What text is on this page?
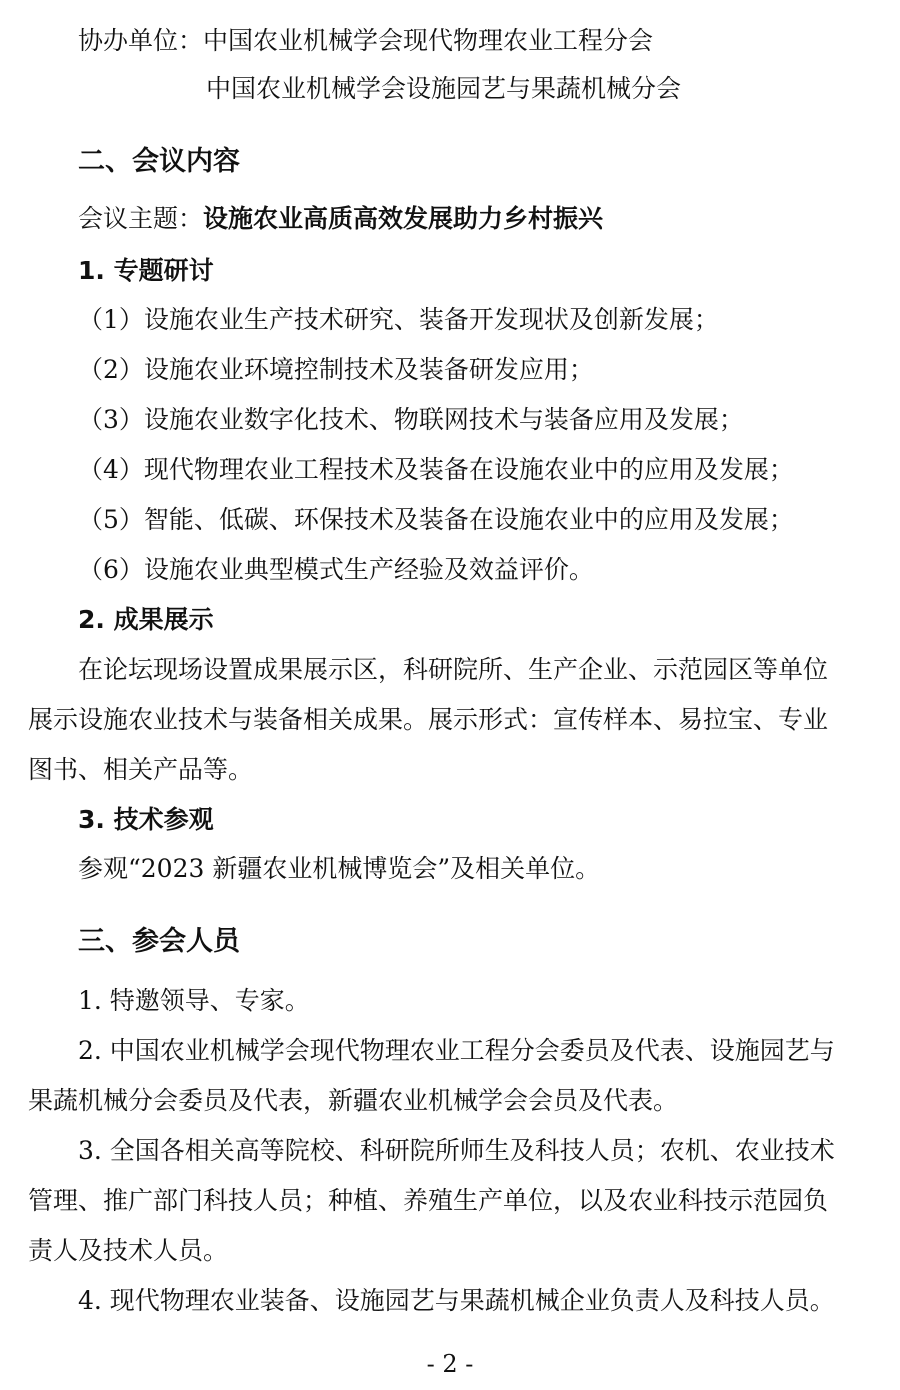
协办单位：中国农业机械学会现代物理农业工程分会
中国农业机械学会设施园艺与果蔬机械分会
二、会议内容
会议主题：设施农业高质高效发展助力乡村振兴
1. 专题研讨
（1）设施农业生产技术研究、装备开发现状及创新发展；
（2）设施农业环境控制技术及装备研发应用；
（3）设施农业数字化技术、物联网技术与装备应用及发展；
（4）现代物理农业工程技术及装备在设施农业中的应用及发展；
（5）智能、低碳、环保技术及装备在设施农业中的应用及发展；
（6）设施农业典型模式生产经验及效益评价。
2. 成果展示
在论坛现场设置成果展示区，科研院所、生产企业、示范园区等单位
展示设施农业技术与装备相关成果。展示形式：宣传样本、易拉宝、专业
图书、相关产品等。
3. 技术参观
参观“2023 新疆农业机械博览会”及相关单位。
三、参会人员
1. 特邀领导、专家。
2. 中国农业机械学会现代物理农业工程分会委员及代表、设施园艺与
果蔬机械分会委员及代表，新疆农业机械学会会员及代表。
3. 全国各相关高等院校、科研院所师生及科技人员；农机、农业技术
管理、推广部门科技人员；种植、养殖生产单位，以及农业科技示范园负
责人及技术人员。
4. 现代物理农业装备、设施园艺与果蔬机械企业负责人及科技人员。
- 2 -
